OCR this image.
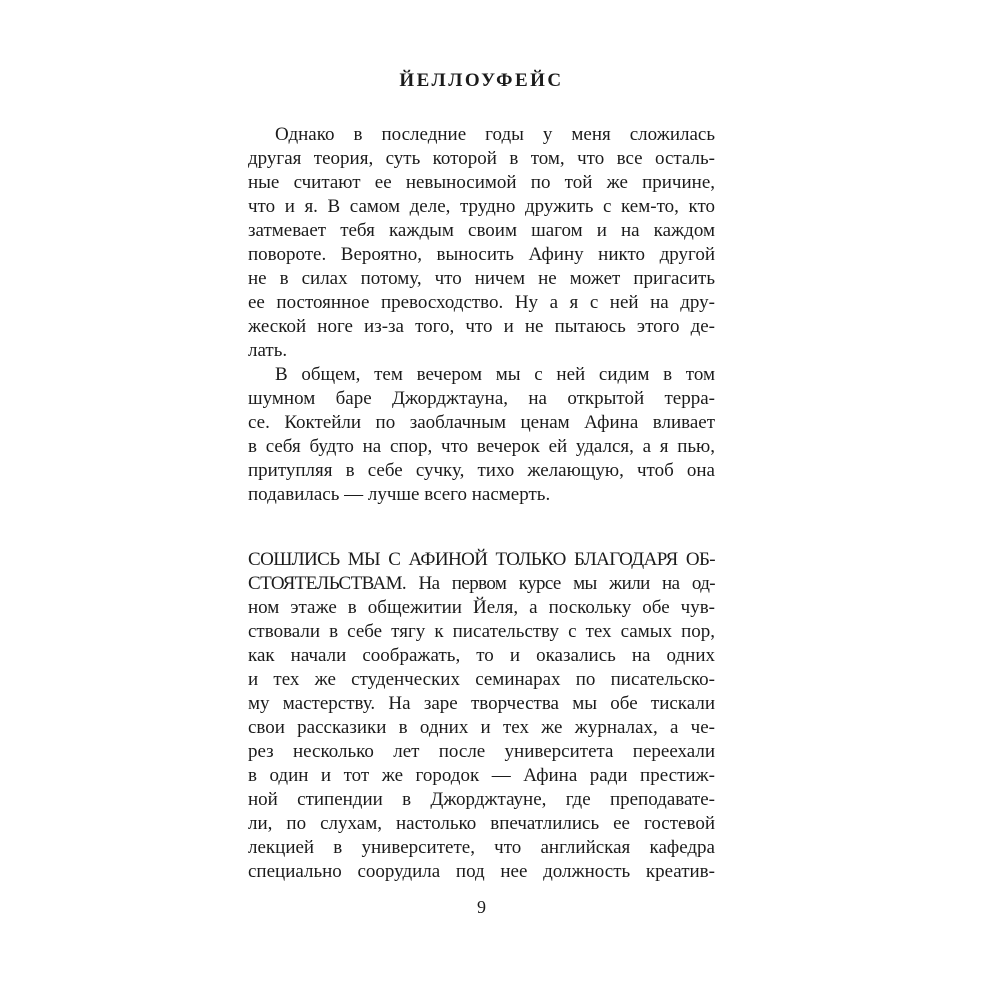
ЙЕЛЛОУФЕЙС
Однако в последние годы у меня сложилась
другая теория, суть которой в том, что все осталь-
ные считают ее невыносимой по той же причине,
что и я. В самом деле, трудно дружить с кем-то, кто
затмевает тебя каждым своим шагом и на каждом
повороте. Вероятно, выносить Афину никто другой
не в силах потому, что ничем не может пригасить
ее постоянное превосходство. Ну а я с ней на дру-
жеской ноге из-за того, что и не пытаюсь этого де-
лать.
В общем, тем вечером мы с ней сидим в том
шумном баре Джорджтауна, на открытой терра-
се. Коктейли по заоблачным ценам Афина вливает
в себя будто на спор, что вечерок ей удался, а я пью,
притупляя в себе сучку, тихо желающую, чтоб она
подавилась — лучше всего насмерть.
СОШЛИСЬ МЫ С АФИНОЙ ТОЛЬКО БЛАГОДАРЯ ОБ-
СТОЯТЕЛЬСТВАМ. На первом курсе мы жили на од-
ном этаже в общежитии Йеля, а поскольку обе чув-
ствовали в себе тягу к писательству с тех самых пор,
как начали соображать, то и оказались на одних
и тех же студенческих семинарах по писательско-
му мастерству. На заре творчества мы обе тискали
свои рассказики в одних и тех же журналах, а че-
рез несколько лет после университета переехали
в один и тот же городок — Афина ради престиж-
ной стипендии в Джорджтауне, где преподавате-
ли, по слухам, настолько впечатлились ее гостевой
лекцией в университете, что английская кафедра
специально соорудила под нее должность креатив-
9
